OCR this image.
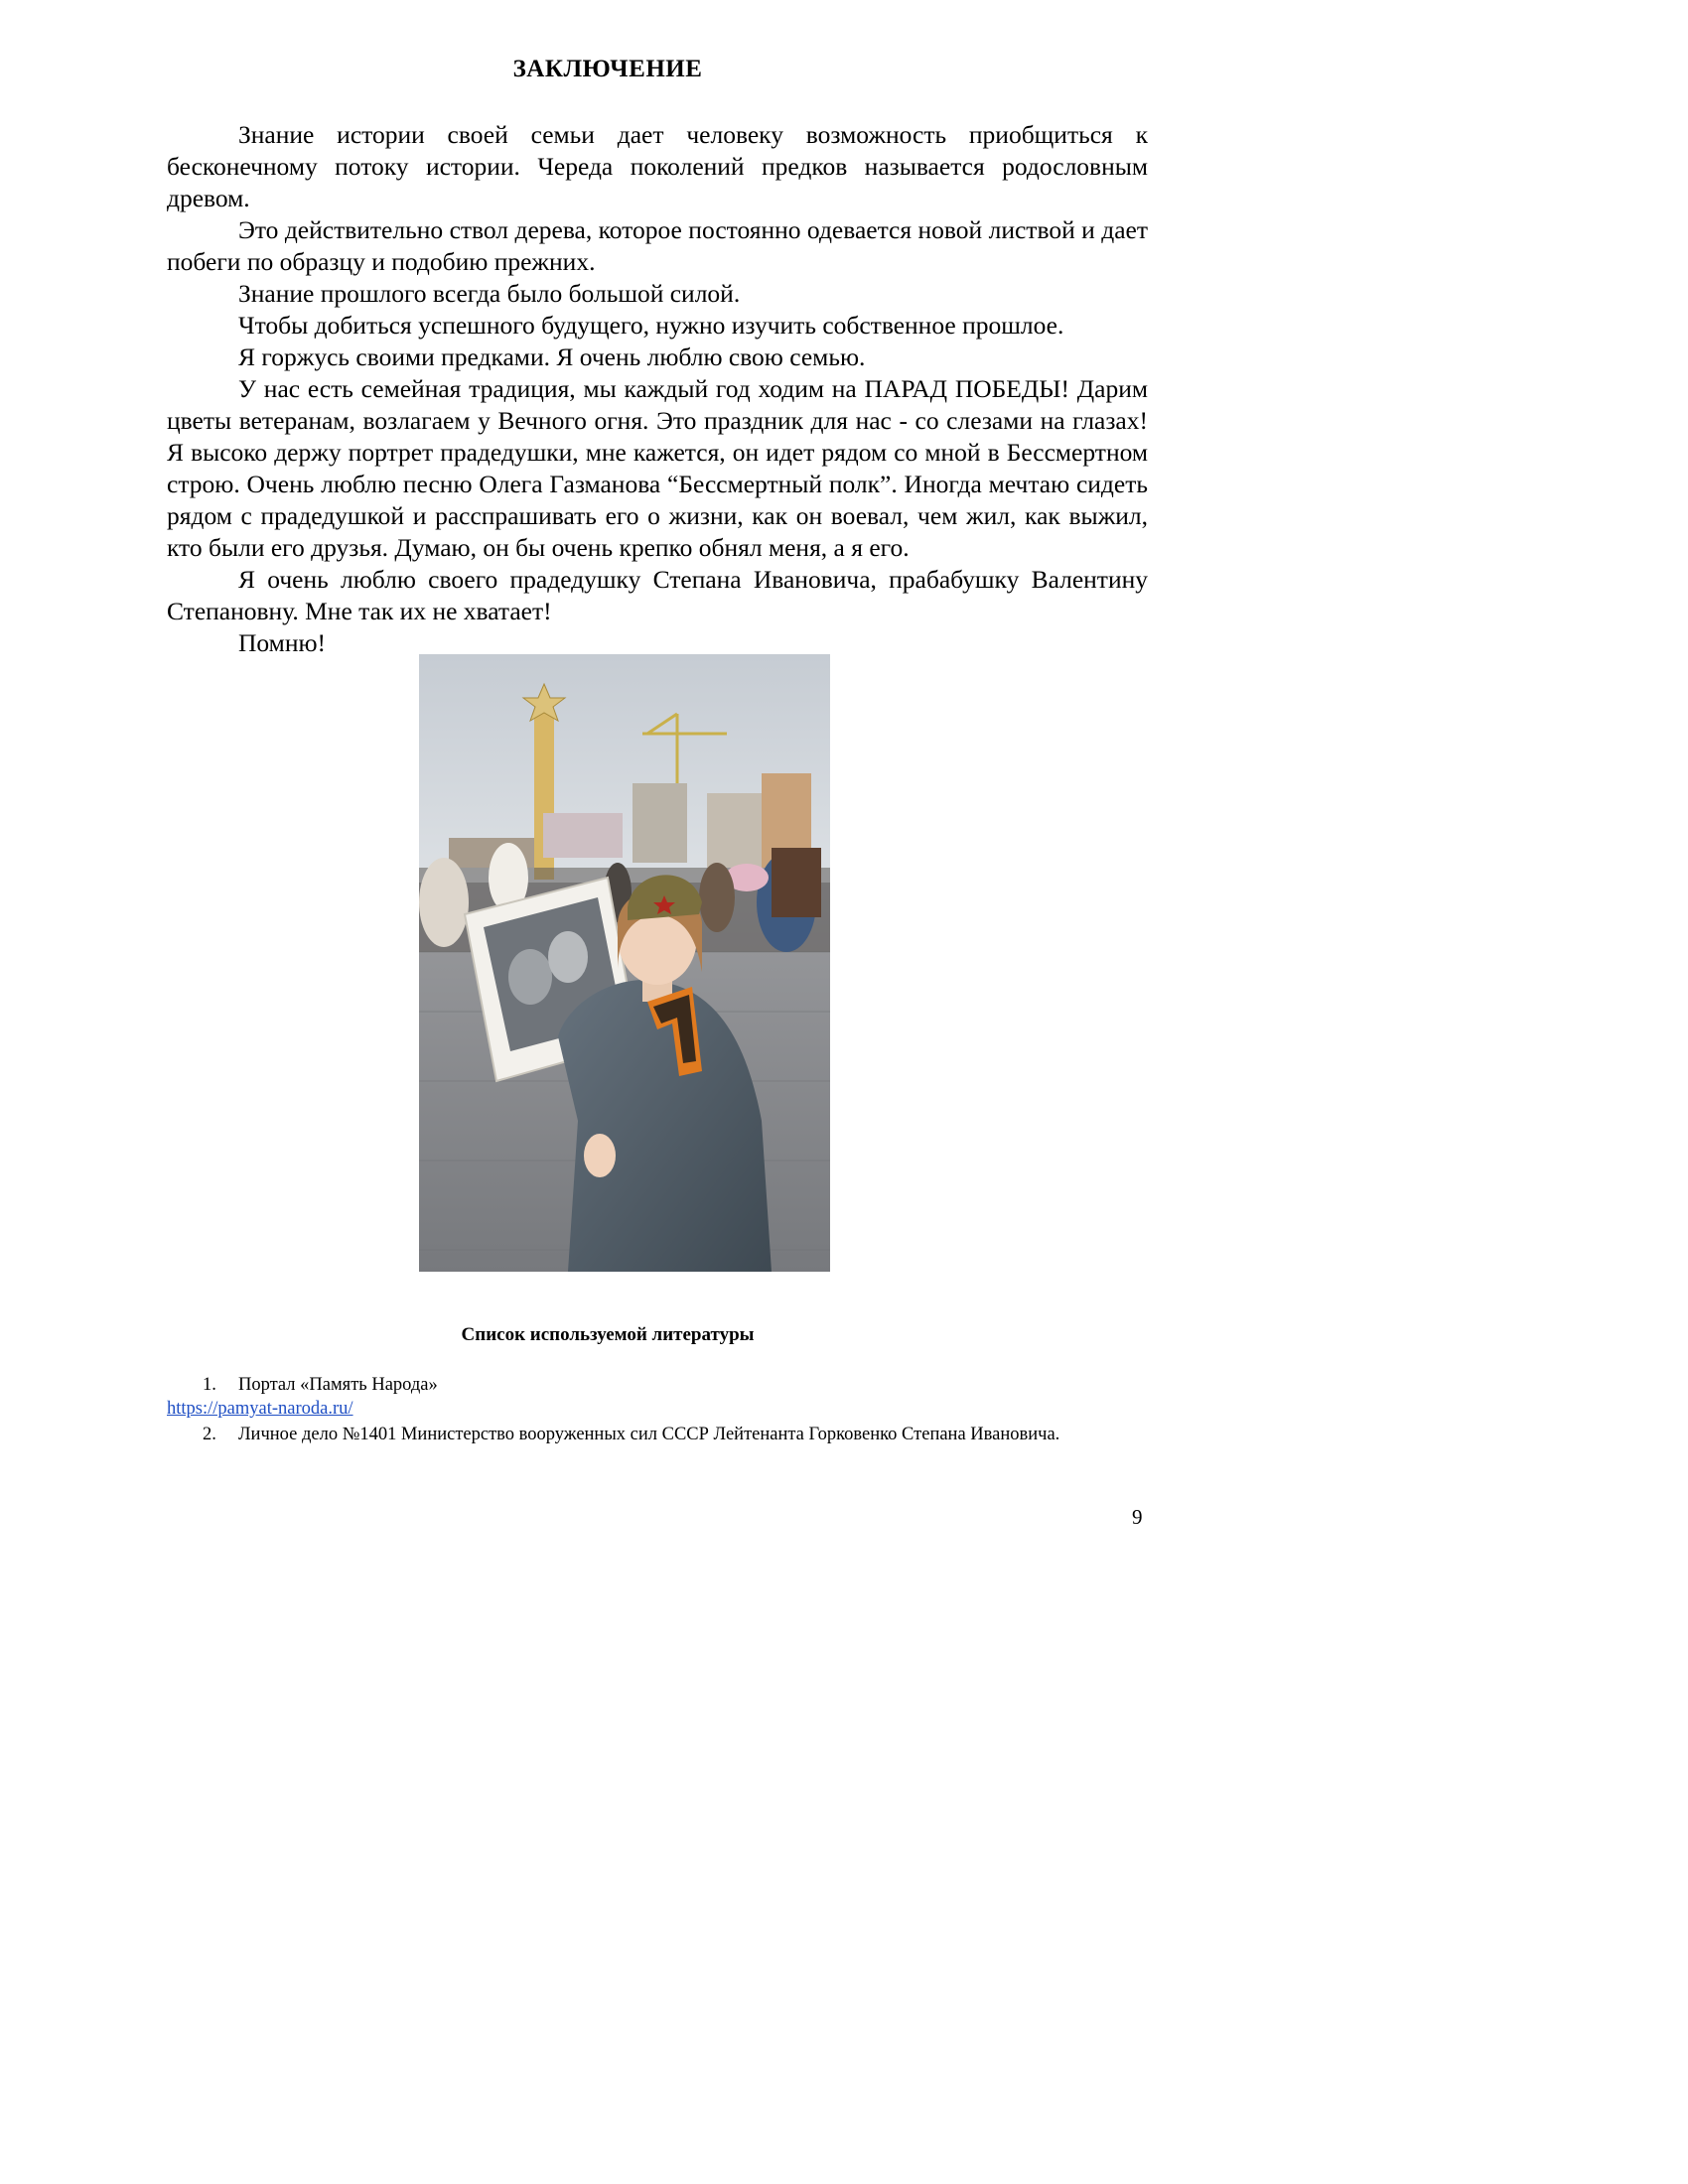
ЗАКЛЮЧЕНИЕ

Знание истории своей семьи дает человеку возможность приобщиться к бесконечному потоку истории. Череда поколений предков называется родословным древом.

Это действительно ствол дерева, которое постоянно одевается новой листвой и дает побеги по образцу и подобию прежних.

Знание прошлого всегда было большой силой.

Чтобы добиться успешного будущего, нужно изучить собственное прошлое.

Я горжусь своими предками. Я очень люблю свою семью.

У нас есть семейная традиция, мы каждый год ходим на ПАРАД ПОБЕДЫ! Дарим цветы ветеранам, возлагаем у Вечного огня. Это праздник для нас - со слезами на глазах! Я высоко держу портрет прадедушки, мне кажется, он идет рядом со мной в Бессмертном строю. Очень люблю песню Олега Газманова “Бессмертный полк”. Иногда мечтаю сидеть рядом с прадедушкой и расспрашивать его о жизни, как он воевал, чем жил, как выжил, кто были его друзья. Думаю, он бы очень крепко обнял меня, а я его.

Я очень люблю своего прадедушку Степана Ивановича, прабабушку Валентину Степановну. Мне так их не хватает!

Помню!

Список используемой литературы
1. Портал «Память Народа»
https://pamyat-naroda.ru/
2. Личное дело №1401 Министерство вооруженных сил СССР Лейтенанта Горковенко Степана Ивановича.
9
